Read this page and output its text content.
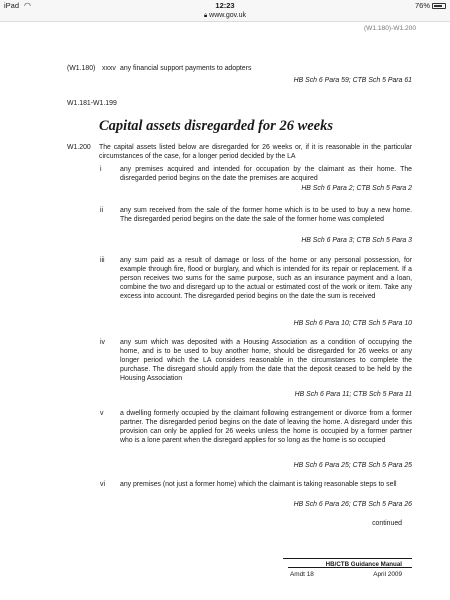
iPad ◠	12:23	76%
🔒︎ www.gov.uk
(W1.180)-W1.200
(W1.180) xxxv any financial support payments to adopters
HB Sch 6 Para 59; CTB Sch 5 Para 61
W1.181-W1.199
Capital assets disregarded for 26 weeks
W1.200 The capital assets listed below are disregarded for 26 weeks or, if it is reasonable in the particular circumstances of the case, for a longer period decided by the LA
i	any premises acquired and intended for occupation by the claimant as their home. The disregarded period begins on the date the premises are acquired
HB Sch 6 Para 2; CTB Sch 5 Para 2
ii any sum received from the sale of the former home which is to be used to buy a new home. The disregarded period begins on the date the sale of the former home was completed
HB Sch 6 Para 3; CTB Sch 5 Para 3
iii any sum paid as a result of damage or loss of the home or any personal possession, for example through fire, flood or burglary, and which is intended for its repair or replacement. If a person receives two sums for the same purpose, such as an insurance payment and a loan, combine the two and disregard up to the actual or estimated cost of the work or item. Take any excess into account. The disregarded period begins on the date the sum is received
HB Sch 6 Para 10; CTB Sch 5 Para 10
iv any sum which was deposited with a Housing Association as a condition of occupying the home, and is to be used to buy another home, should be disregarded for 26 weeks or any longer period which the LA considers reasonable in the circumstances to complete the purchase. The disregard should apply from the date that the deposit ceased to be held by the Housing Association
HB Sch 6 Para 11; CTB Sch 5 Para 11
v a dwelling formerly occupied by the claimant following estrangement or divorce from a former partner. The disregarded period begins on the date of leaving the home. A disregard under this provision can only be applied for 26 weeks unless the home is occupied by a former partner who is a lone parent when the disregard applies for so long as the home is so occupied
HB Sch 6 Para 25; CTB Sch 5 Para 25
vi any premises (not just a former home) which the claimant is taking reasonable steps to sell
HB Sch 6 Para 26; CTB Sch 5 Para 26
continued
HB/CTB Guidance Manual
Amdt 18	April 2009
